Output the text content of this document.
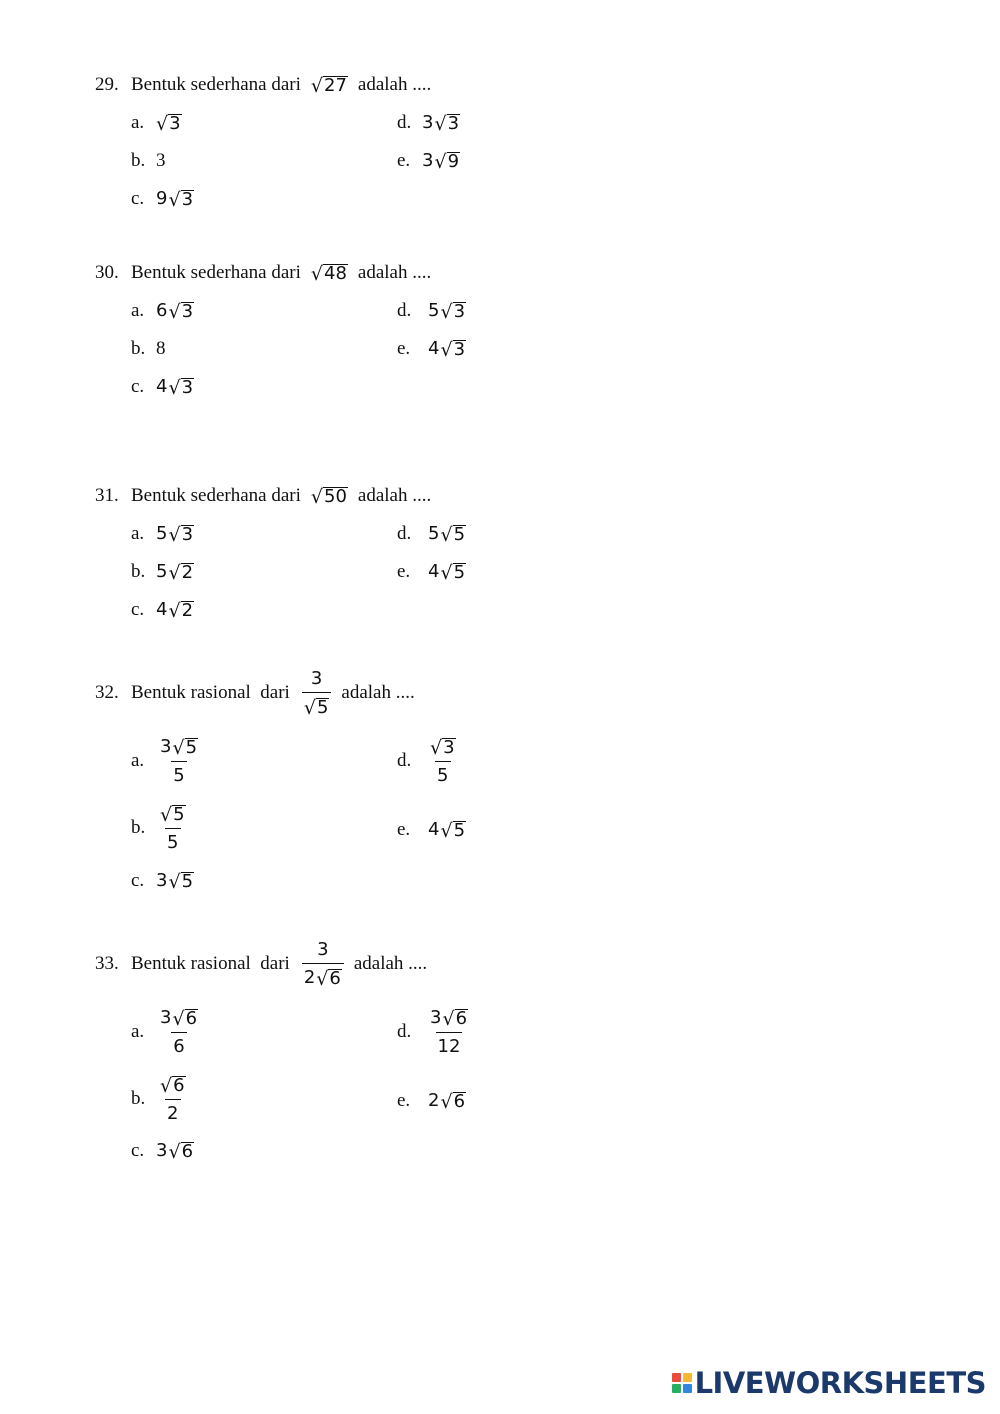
29. Bentuk sederhana dari √ 27 adalah ....
a. √ 3
b. 3
c. 9 √ 3
d. 3 √ 3
e. 3 √ 9
30. Bentuk sederhana dari √ 48 adalah ....
a. 6 √ 3
b. 8
c. 4 √ 3
d. 5 √ 3
e. 4 √ 3
31. Bentuk sederhana dari √ 50 adalah ....
a. 5 √ 3
b. 5 √ 2
c. 4 √ 2
d. 5 √ 5
e. 4 √ 5
32. Bentuk rasional  dari $\frac{3}{√ 5}$ adalah ....
a. $\frac{3 √ 5}{5}$
b. $\frac{√ 5}{5}$
c. 3 √ 5
d. $\frac{√ 3}{5}$
e. 4 √ 5
33. Bentuk rasional  dari $\frac{3}{2 √ 6}$ adalah ....
a. $\frac{3 √ 6}{6}$
b. $\frac{√ 6}{2}$
c. 3 √ 6
d. $\frac{3 √ 6}{12}$
e. 2 √ 6
LIVEWORKSHEETS
